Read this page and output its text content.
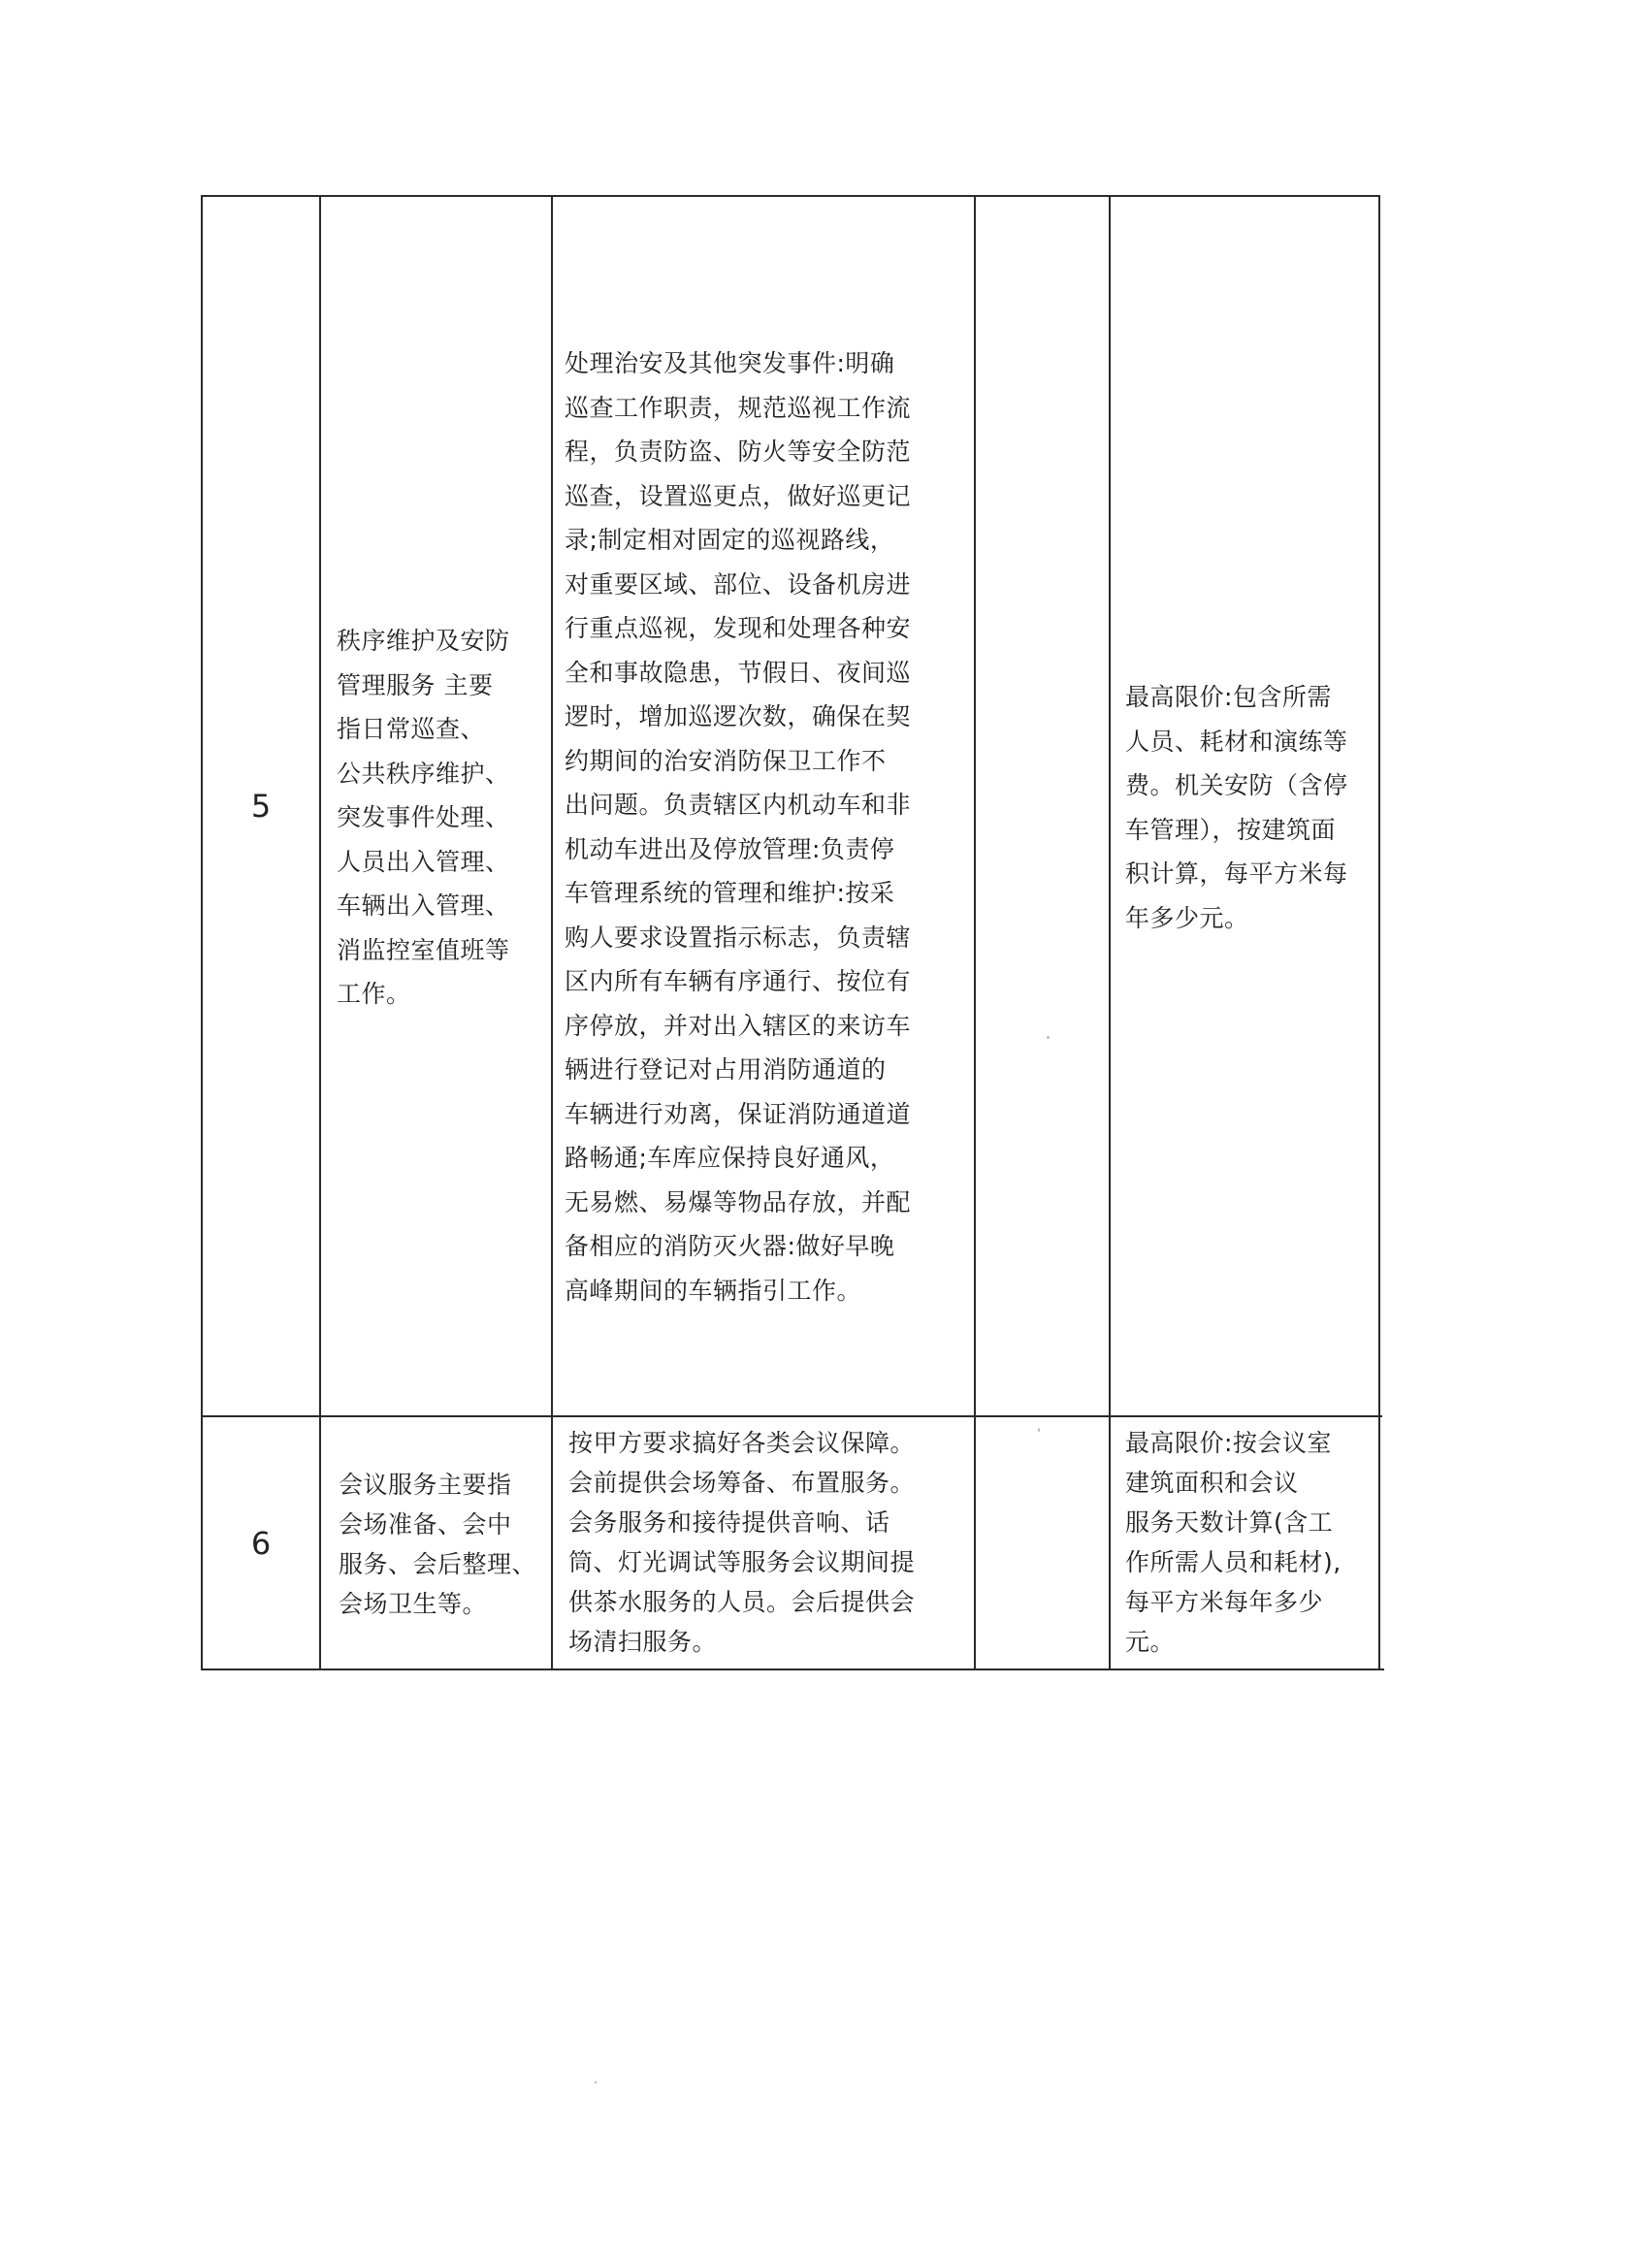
5
秩序维护及安防
管理服务 主要
指日常巡查、
公共秩序维护、
突发事件处理、
人员出入管理、
车辆出入管理、
消监控室值班等
工作。
处理治安及其他突发事件:明确
巡查工作职责，规范巡视工作流
程，负责防盗、防火等安全防范
巡查，设置巡更点，做好巡更记
录;制定相对固定的巡视路线，
对重要区域、部位、设备机房进
行重点巡视，发现和处理各种安
全和事故隐患，节假日、夜间巡
逻时，增加巡逻次数，确保在契
约期间的治安消防保卫工作不
出问题。负责辖区内机动车和非
机动车进出及停放管理:负责停
车管理系统的管理和维护:按采
购人要求设置指示标志，负责辖
区内所有车辆有序通行、按位有
序停放，并对出入辖区的来访车
辆进行登记对占用消防通道的
车辆进行劝离，保证消防通道道
路畅通;车库应保持良好通风，
无易燃、易爆等物品存放，并配
备相应的消防灭火器:做好早晚
高峰期间的车辆指引工作。
最高限价:包含所需
人员、耗材和演练等
费。机关安防（含停
车管理），按建筑面
积计算，每平方米每
年多少元。
6
会议服务主要指
会场准备、会中
服务、会后整理、
会场卫生等。
按甲方要求搞好各类会议保障。
会前提供会场筹备、布置服务。
会务服务和接待提供音响、话
筒、灯光调试等服务会议期间提
供茶水服务的人员。会后提供会
场清扫服务。
最高限价:按会议室
建筑面积和会议
服务天数计算(含工
作所需人员和耗材),
每平方米每年多少
元。
